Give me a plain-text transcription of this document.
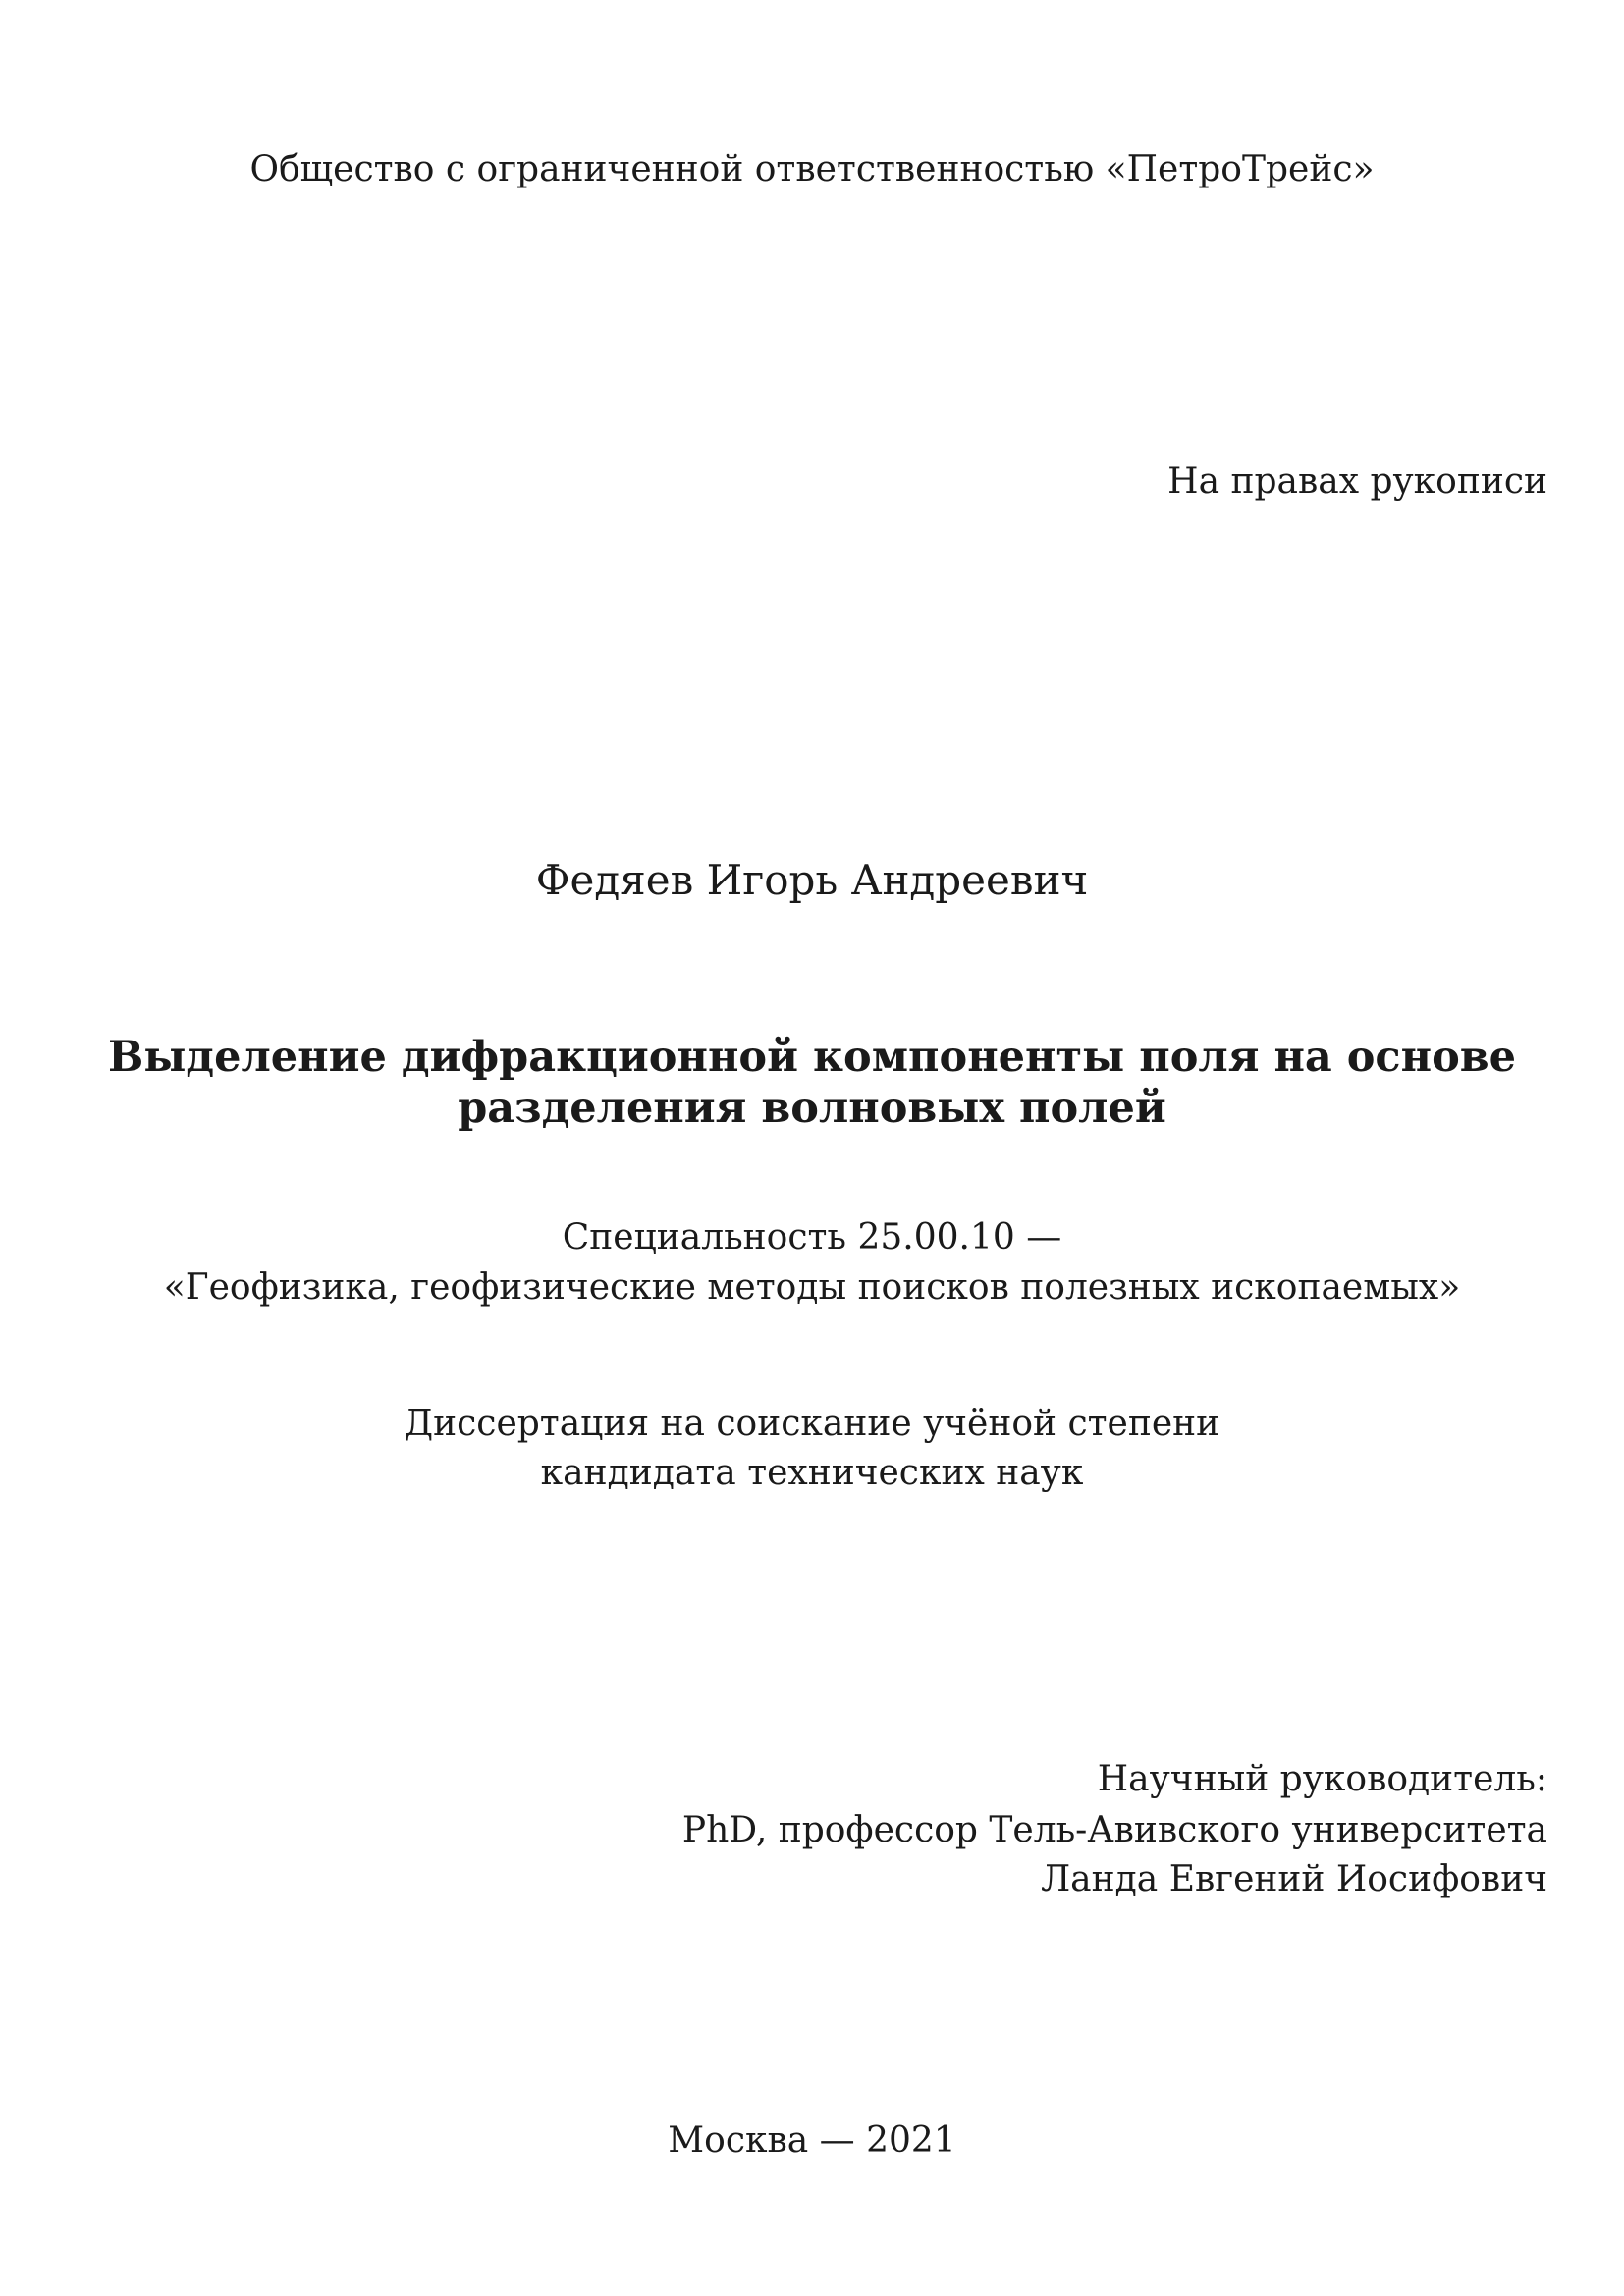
Общество с ограниченной ответственностью «ПетроТрейс»
На правах рукописи
Федяев Игорь Андреевич
Выделение дифракционной компоненты поля на основе
разделения волновых полей
Специальность 25.00.10 —
«Геофизика, геофизические методы поисков полезных ископаемых»
Диссертация на соискание учёной степени
кандидата технических наук
Научный руководитель:
PhD, профессор Тель-Авивского университета
Ланда Евгений Иосифович
Москва — 2021
